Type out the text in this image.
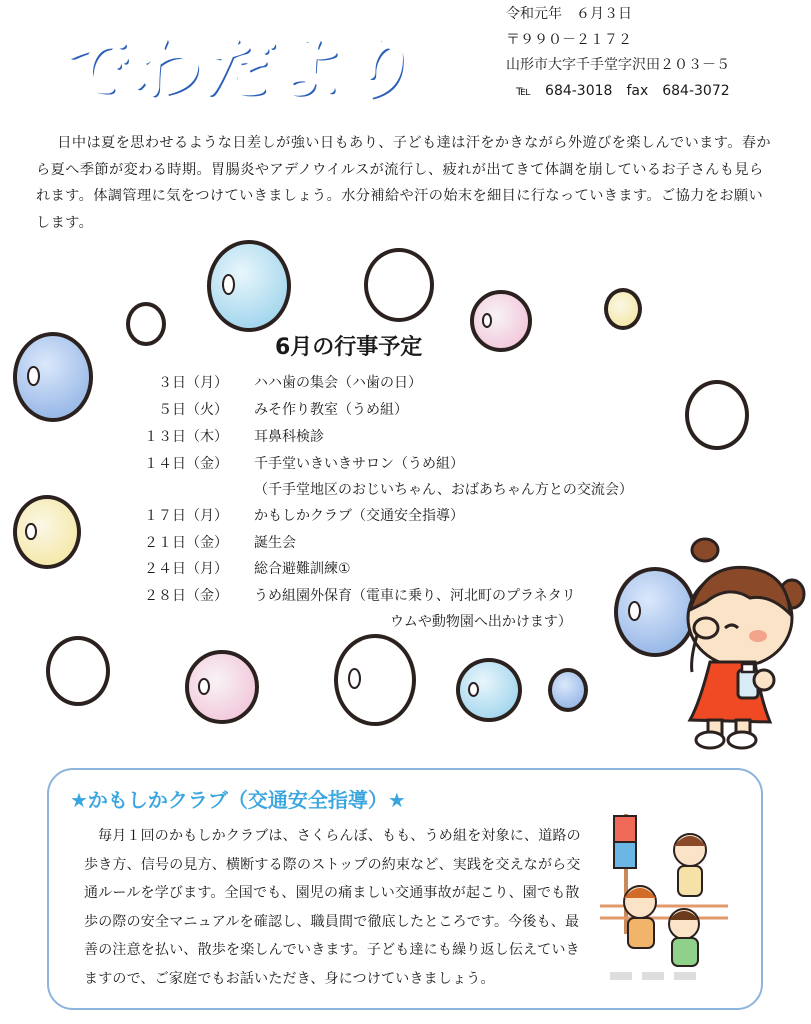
でわだより
令和元年　６月３日
〒９９０－２１７２
山形市大字千手堂字沢田２０３－５
℡　684-3018　fax　684-3072
日中は夏を思わせるような日差しが強い日もあり、子ども達は汗をかきながら外遊びを楽しんでいます。春から夏へ季節が変わる時期。胃腸炎やアデノウイルスが流行し、疲れが出てきて体調を崩しているお子さんも見られます。体調管理に気をつけていきましょう。水分補給や汗の始末を細目に行なっていきます。ご協力をお願いします。
6月の行事予定
３日（月） ハハ歯の集会（ハ歯の日）
５日（火） みそ作り教室（うめ組）
１３日（木） 耳鼻科検診
１４日（金） 千手堂いきいきサロン（うめ組）
（千手堂地区のおじいちゃん、おばあちゃん方との交流会）
１７日（月） かもしかクラブ（交通安全指導）
２１日（金） 誕生会
２４日（月） 総合避難訓練①
２８日（金） うめ組園外保育（電車に乗り、河北町のプラネタリ
ウムや動物園へ出かけます）
★かもしかクラブ（交通安全指導）★
毎月１回のかもしかクラブは、さくらんぼ、もも、うめ組を対象に、道路の歩き方、信号の見方、横断する際のストップの約束など、実践を交えながら交通ルールを学びます。全国でも、園児の痛ましい交通事故が起こり、園でも散歩の際の安全マニュアルを確認し、職員間で徹底したところです。今後も、最善の注意を払い、散歩を楽しんでいきます。子ども達にも繰り返し伝えていきますので、ご家庭でもお話いただき、身につけていきましょう。
